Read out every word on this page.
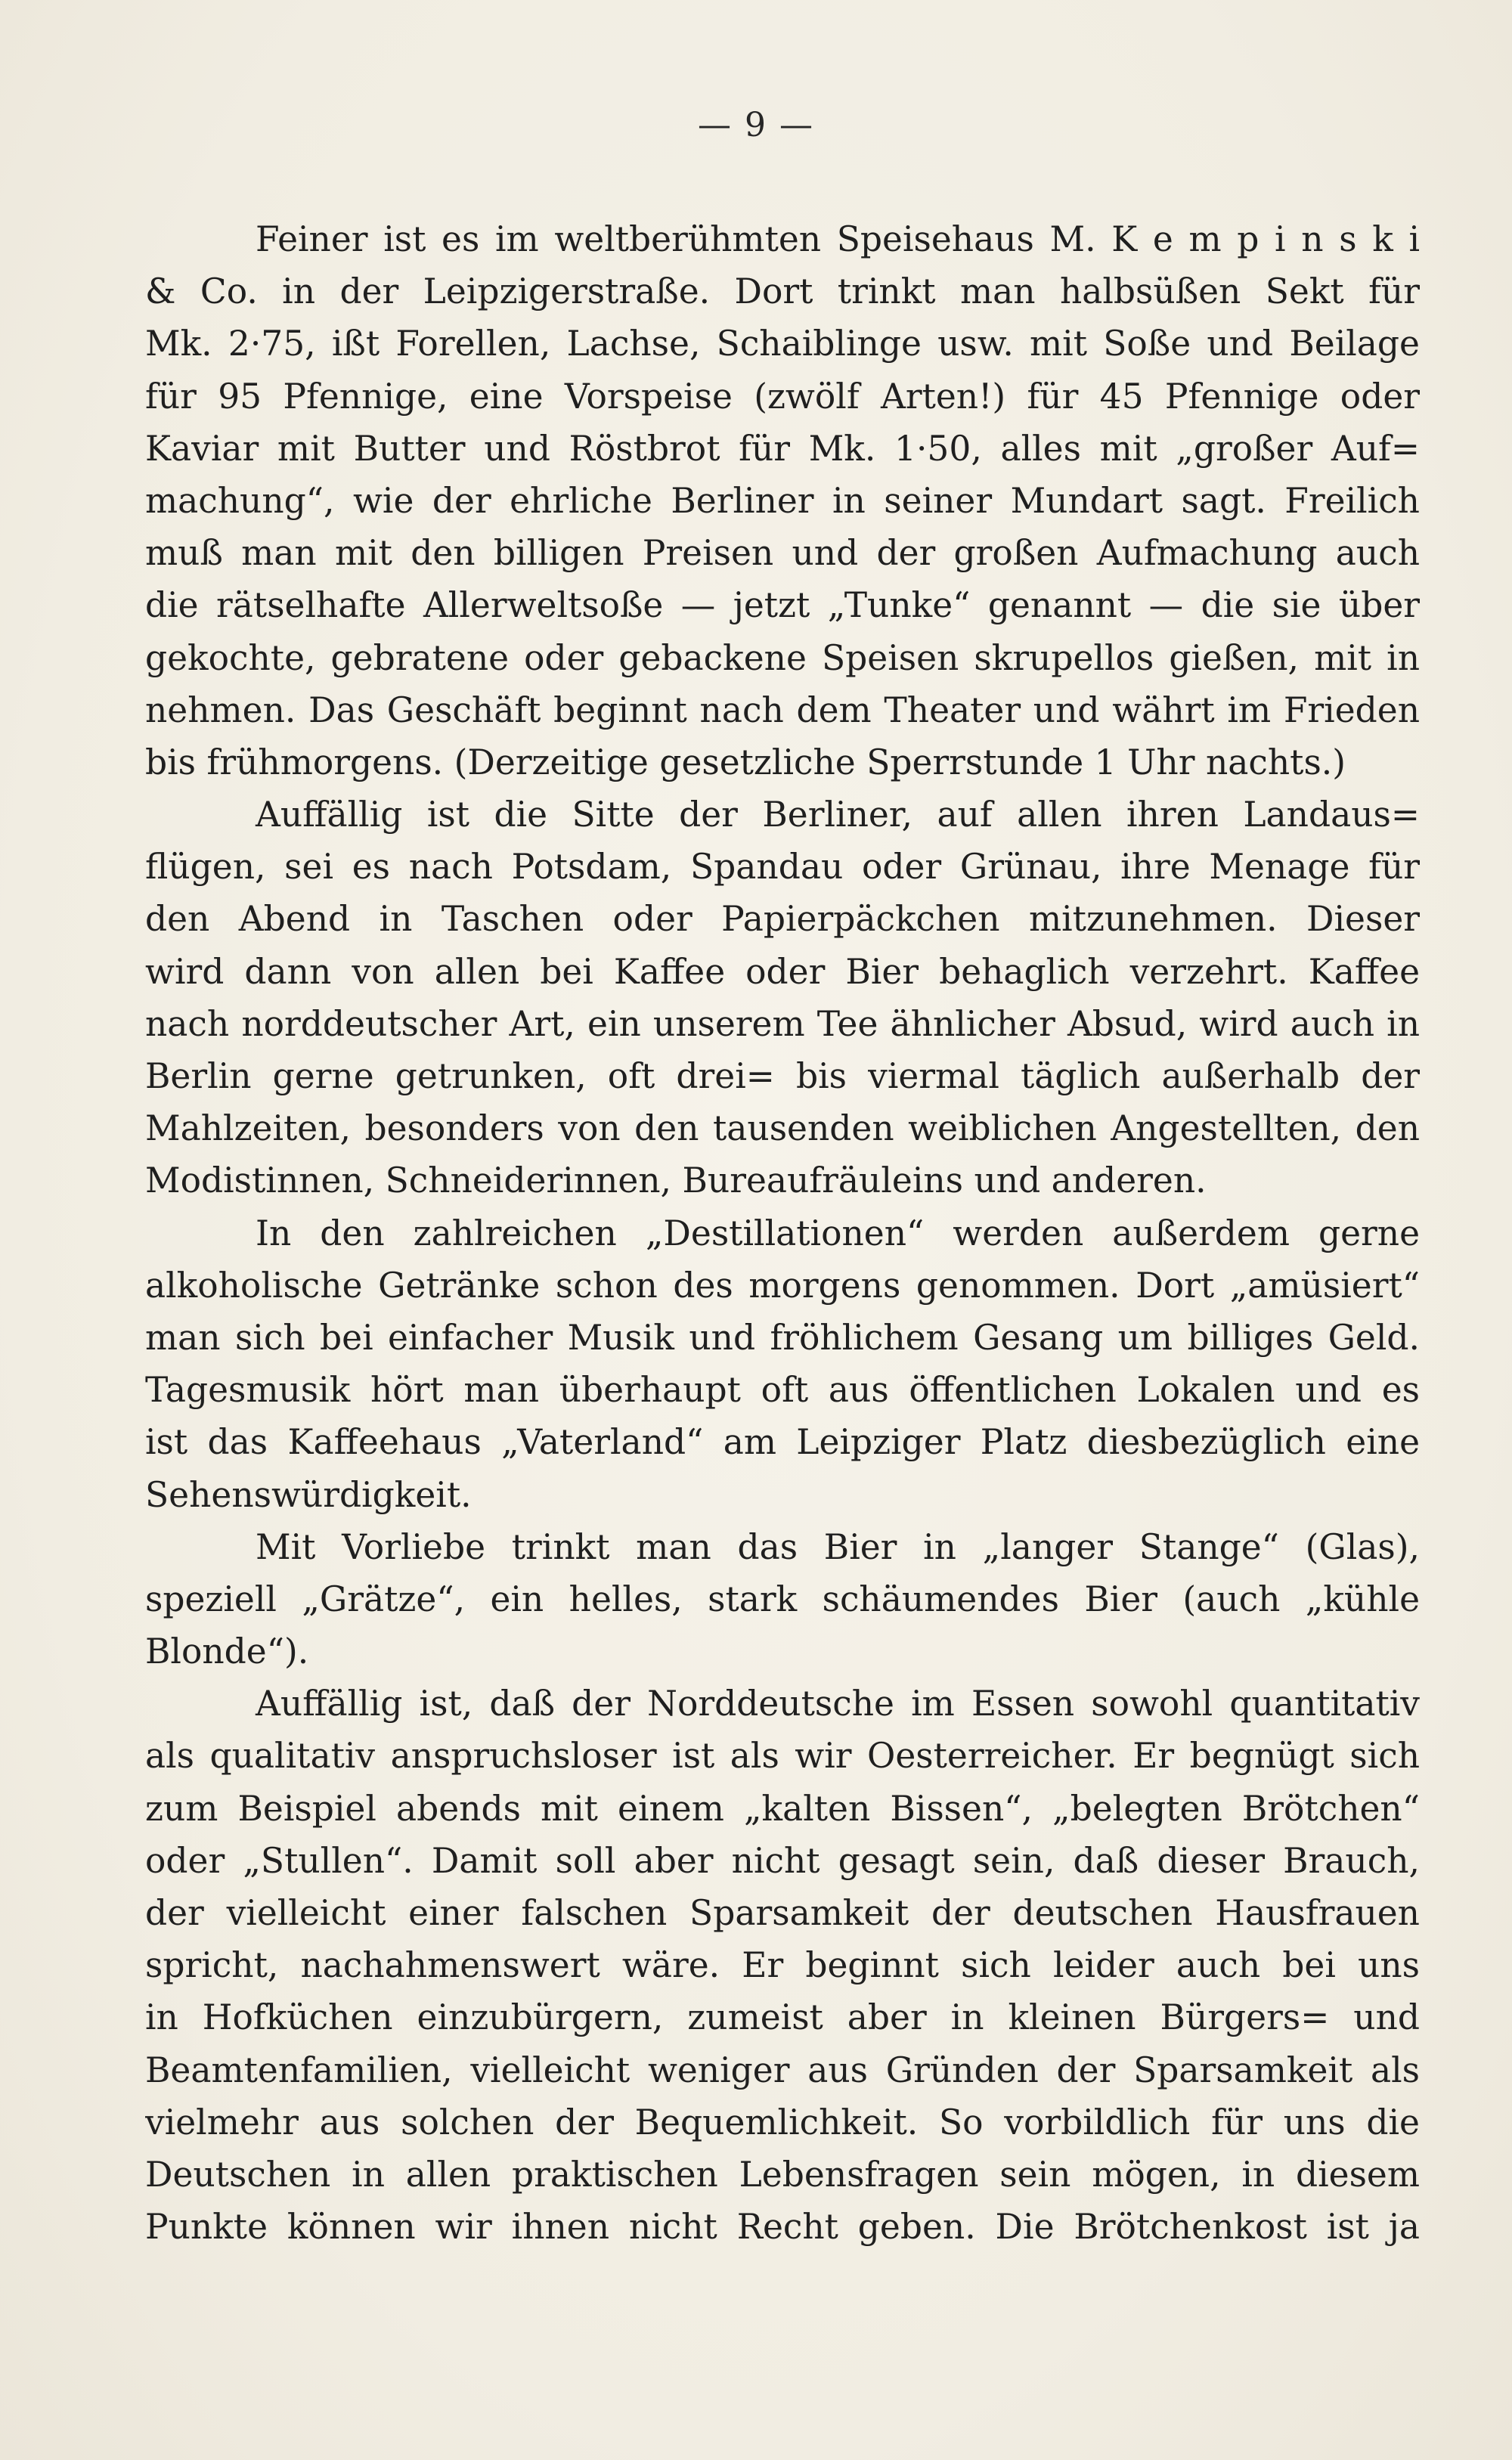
— 9 —
Feiner ist es im weltberühmten Speisehaus M. K e m p i n s k i
& Co. in der Leipzigerstraße. Dort trinkt man halbsüßen Sekt für
Mk. 2·75, ißt Forellen, Lachse, Schaiblinge usw. mit Soße und Beilage
für 95 Pfennige, eine Vorspeise (zwölf Arten!) für 45 Pfennige oder
Kaviar mit Butter und Röstbrot für Mk. 1·50, alles mit „großer Auf=
machung“, wie der ehrliche Berliner in seiner Mundart sagt. Freilich
muß man mit den billigen Preisen und der großen Aufmachung auch
die rätselhafte Allerweltsoße — jetzt „Tunke“ genannt — die sie über
gekochte, gebratene oder gebackene Speisen skrupellos gießen, mit in
nehmen. Das Geschäft beginnt nach dem Theater und währt im Frieden
bis frühmorgens. (Derzeitige gesetzliche Sperrstunde 1 Uhr nachts.)
Auffällig ist die Sitte der Berliner, auf allen ihren Landaus=
flügen, sei es nach Potsdam, Spandau oder Grünau, ihre Menage für
den Abend in Taschen oder Papierpäckchen mitzunehmen. Dieser
wird dann von allen bei Kaffee oder Bier behaglich verzehrt. Kaffee
nach norddeutscher Art, ein unserem Tee ähnlicher Absud, wird auch in
Berlin gerne getrunken, oft drei= bis viermal täglich außerhalb der
Mahlzeiten, besonders von den tausenden weiblichen Angestellten, den
Modistinnen, Schneiderinnen, Bureaufräuleins und anderen.
In den zahlreichen „Destillationen“ werden außerdem gerne
alkoholische Getränke schon des morgens genommen. Dort „amüsiert“
man sich bei einfacher Musik und fröhlichem Gesang um billiges Geld.
Tagesmusik hört man überhaupt oft aus öffentlichen Lokalen und es
ist das Kaffeehaus „Vaterland“ am Leipziger Platz diesbezüglich eine
Sehenswürdigkeit.
Mit Vorliebe trinkt man das Bier in „langer Stange“ (Glas),
speziell „Grätze“, ein helles, stark schäumendes Bier (auch „kühle
Blonde“).
Auffällig ist, daß der Norddeutsche im Essen sowohl quantitativ
als qualitativ anspruchsloser ist als wir Oesterreicher. Er begnügt sich
zum Beispiel abends mit einem „kalten Bissen“, „belegten Brötchen“
oder „Stullen“. Damit soll aber nicht gesagt sein, daß dieser Brauch,
der vielleicht einer falschen Sparsamkeit der deutschen Hausfrauen
spricht, nachahmenswert wäre. Er beginnt sich leider auch bei uns
in Hofküchen einzubürgern, zumeist aber in kleinen Bürgers= und
Beamtenfamilien, vielleicht weniger aus Gründen der Sparsamkeit als
vielmehr aus solchen der Bequemlichkeit. So vorbildlich für uns die
Deutschen in allen praktischen Lebensfragen sein mögen, in diesem
Punkte können wir ihnen nicht Recht geben. Die Brötchenkost ist ja
